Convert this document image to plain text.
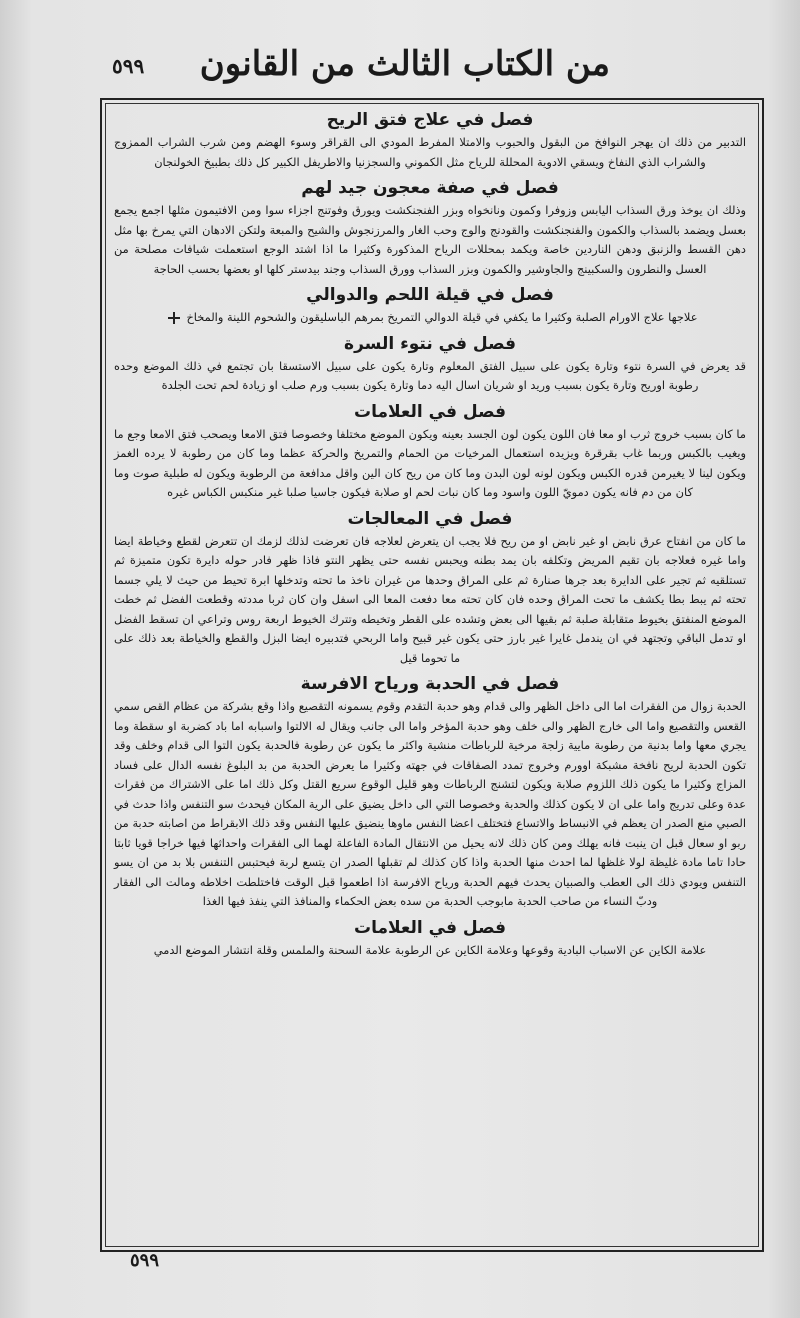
٥٩٩ من الكتاب الثالث من القانون
فصل في علاج فتق الريح

التدبير من ذلك ان يهجر النوافخ من البقول والحبوب والامتلا المفرط المودي الى القراقر وسوء الهضم ومن شرب الشراب الممزوج والشراب الذي النفاخ ويسقي الادوية المحللة للرياح مثل الكموني والسجزنيا والاطريفل الكبير كل ذلك بطبيخ الخولنجان

فصل في صفة معجون جيد لهم

وذلك ان يوخذ ورق السذاب اليابس وزوفرا وكمون ونانخواه وبزر الفنجنكشت ويورق وفوتنج اجزاء سوا ومن الافتيمون مثلها اجمع يجمع بعسل ويضمد بالسذاب والكمون والفنجنكشت والقودنج والوج وحب الغار والمرزنجوش والشيح والمبعة ولتكن الادهان التي يمرخ بها مثل دهن القسط والزنبق ودهن الناردين خاصة ويكمد بمحللات الرياح المذكورة وكثيرا ما اذا اشتد الوجع استعملت شيافات مصلحة من العسل والنطرون والسكبينج والجاوشير والكمون وبزر السذاب وورق السذاب وجند بيدستر كلها او بعضها بحسب الحاجة

فصل في قيلة اللحم والدوالي

علاجها علاج الاورام الصلبة وكثيرا ما يكفي في قيلة الدوالي التمريخ بمرهم الباسليقون والشحوم اللينة والمخاخ

فصل في نتوء السرة

قد يعرض في السرة نتوء وتارة يكون على سبيل الفتق المعلوم وتارة يكون على سبيل الاستسقا بان تجتمع في ذلك الموضع وحده رطوبة اوريح وتارة يكون بسبب وريد او شريان اسال اليه دما وتارة يكون بسبب ورم صلب او زيادة لحم تحت الجلدة

فصل في العلامات

ما كان بسبب خروج ثرب او معا فان اللون يكون لون الجسد بعينه ويكون الموضع مختلفا وخصوصا فتق الامعا ويصحب فتق الامعا وجع ما ويغيب بالكبس وربما غاب بقرقرة ويزيده استعمال المرخيات من الحمام والتمريخ والحركة عظما وما كان من رطوبة لا يرده الغمز ويكون لينا لا يغيرمن قدره الكبس ويكون لونه لون البدن وما كان من ريح كان الين واقل مدافعة من الرطوبة ويكون له طبلية صوت وما كان من دم فانه يكون دمويّ اللون واسود وما كان نبات لحم او صلابة فيكون جاسيا صلبا غير منكبس الكباس غيره

فصل في المعالجات

ما كان من انفتاح عرق نابض او غير نابض او من ريح فلا يجب ان يتعرض لعلاجه فان تعرضت لذلك لزمك ان تتعرض لقطع وخياطة ايضا واما غيره فعلاجه بان تقيم المريض وتكلفه بان يمد بطنه ويحبس نفسه حتى يظهر النتو فاذا ظهر فادر حوله دايرة تكون متميزة ثم تستلقيه ثم تجير على الدايرة بعد جرها صنارة ثم على المراق وحدها من غيران ناخذ ما تحته وتدخلها ابرة تحيط من حيث لا يلي جسما تحته ثم يبط بطا يكشف ما تحت المراق وحده فان كان تحته معا دفعت المعا الى اسفل وان كان ثربا مددته وقطعت الفضل ثم خطت الموضع المنفتق بخيوط متقابلة صلبة ثم بقيها الى بعض وتشده على القطر وتخيطه وتترك الخيوط اربعة روس وتراعي ان تسقط الفضل او تدمل الباقي وتجتهد في ان يندمل غايرا غير بارز حتى يكون غير قبيح واما الربحي فتدبيره ايضا البزل والقطع والخياطة بعد ذلك على ما تحوما قيل

فصل في الحدبة ورياح الافرسة

الحدبة زوال من الفقرات اما الى داخل الظهر والى قدام وهو حدبة التقدم وقوم يسمونه التقصيع واذا وقع بشركة من عظام القص سمي القعس والتقصيع واما الى خارج الظهر والى خلف وهو حدبة المؤخر واما الى جانب ويقال له الالتوا واسبابه اما باد كضربة او سقطة وما يجري معها واما بدنية من رطوبة مايية زلجة مرخية للرباطات منشية واكثر ما يكون عن رطوبة فالحدبة يكون التوا الى قدام وخلف وقد تكون الحدبة لريح نافخة مشبكة اوورم وخروج تمدد الصفاقات في جهته وكثيرا ما يعرض الحدبة من بد البلوغ نفسه الدال على فساد المزاج وكثيرا ما يكون ذلك اللزوم صلابة ويكون لتشنج الرباطات وهو قليل الوقوع سريع القتل وكل ذلك اما على الاشتراك من فقرات عدة وعلى تدريج واما على ان لا يكون كذلك والحدبة وخصوصا التي الى داخل يضيق على الرية المكان فيحدث سو التنفس واذا حدث في الصبي منع الصدر ان يعظم في الانبساط والاتساع فتختلف اعضا النفس ماوها ينضيق عليها النفس وقد ذلك الابقراط من اصابته حدبة من ربو او سعال قبل ان ينبت فانه يهلك ومن كان ذلك لانه يحيل من الانتقال المادة الفاعلة لهما الى الفقرات واحداثها فيها خراجا قويا ثابتا حادا تاما مادة غليظة لولا غلظها لما احدث منها الحدبة واذا كان كذلك لم تقبلها الصدر ان يتسع لربة فيحتبس التنفس بلا بد من ان يسو التنفس ويودي ذلك الى العطب والصبيان يحدث فيهم الحدبة ورياح الافرسة اذا اطعموا قبل الوقت فاختلطت اخلاطه ومالت الى الفقار ودبّ النساء من صاحب الحدبة مابوجب الحدبة من سده بعض الحكماء والمنافذ التي ينفذ فيها الغذا

فصل في العلامات

علامة الكاين عن الاسباب البادية وقوعها وعلامة الكاين عن الرطوبة علامة السحنة والملمس وقلة انتشار الموضع الدمي

٥٩٩
